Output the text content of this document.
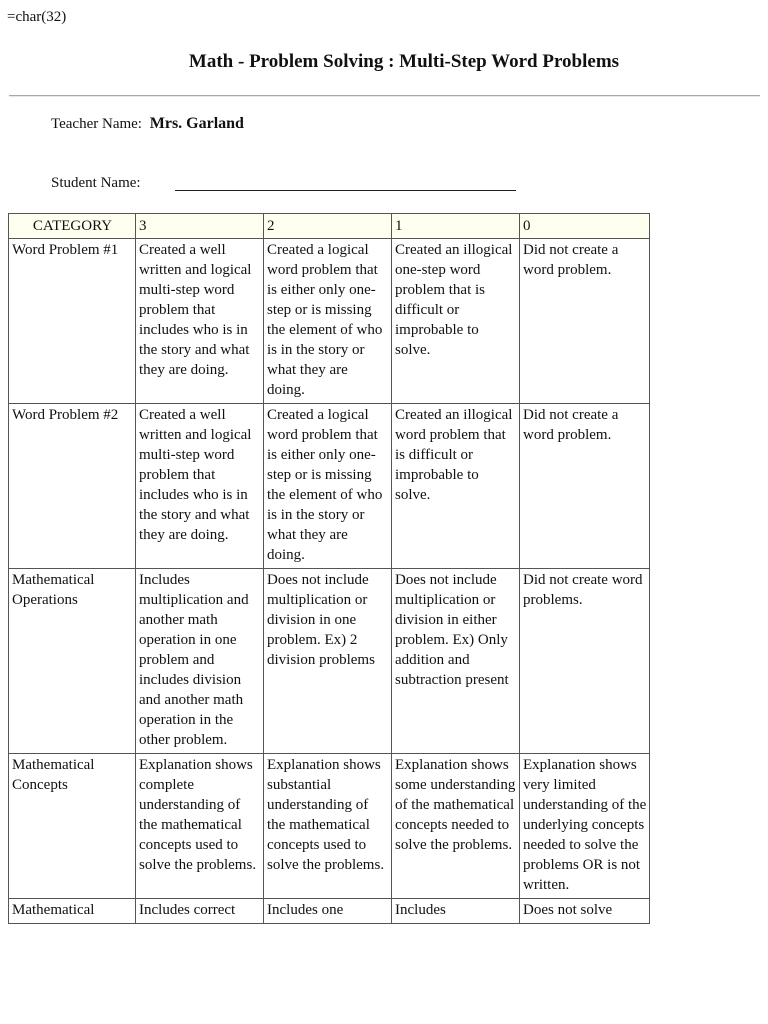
=char(32)
Math - Problem Solving : Multi-Step Word Problems
Teacher Name: Mrs. Garland
Student Name:
CATEGORY	3	2	1	0
Word Problem #1	Created a well written and logical multi-step word problem that includes who is in the story and what they are doing.	Created a logical word problem that is either only one-step or is missing the element of who is in the story or what they are doing.	Created an illogical one-step word problem that is difficult or improbable to solve.	Did not create a word problem.
Word Problem #2	Created a well written and logical multi-step word problem that includes who is in the story and what they are doing.	Created a logical word problem that is either only one-step or is missing the element of who is in the story or what they are doing.	Created an illogical word problem that is difficult or improbable to solve.	Did not create a word problem.
Mathematical Operations	Includes multiplication and another math operation in one problem and includes division and another math operation in the other problem.	Does not include multiplication or division in one problem. Ex) 2 division problems	Does not include multiplication or division in either problem. Ex) Only addition and subtraction present	Did not create word problems.
Mathematical Concepts	Explanation shows complete understanding of the mathematical concepts used to solve the problems.	Explanation shows substantial understanding of the mathematical concepts used to solve the problems.	Explanation shows some understanding of the mathematical concepts needed to solve the problems.	Explanation shows very limited understanding of the underlying concepts needed to solve the problems OR is not written.
Mathematical	Includes correct	Includes one	Includes	Does not solve
